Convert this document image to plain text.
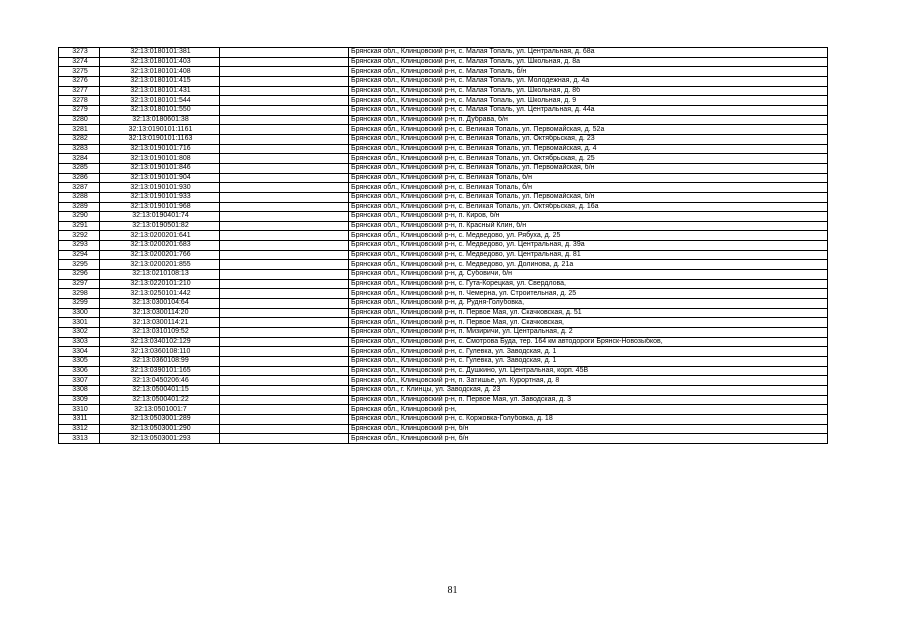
3273	32:13:0180101:381		Брянская обл., Клинцовский р-н, с. Малая Топаль, ул. Центральная, д. 68а
3274	32:13:0180101:403		Брянская обл., Клинцовский р-н, с. Малая Топаль, ул. Школьная, д. 8а
3275	32:13:0180101:408		Брянская обл., Клинцовский р-н, с. Малая Топаль, б/н
3276	32:13:0180101:415		Брянская обл., Клинцовский р-н, с. Малая Топаль, ул. Молодежная, д. 4а
3277	32:13:0180101:431		Брянская обл., Клинцовский р-н, с. Малая Топаль, ул. Школьная, д. 8б
3278	32:13:0180101:544		Брянская обл., Клинцовский р-н, с. Малая Топаль, ул. Школьная, д. 9
3279	32:13:0180101:550		Брянская обл., Клинцовский р-н, с. Малая Топаль, ул. Центральная, д. 44а
3280	32:13:0180601:38		Брянская обл., Клинцовский р-н, п. Дубрава, б/н
3281	32:13:0190101:1161		Брянская обл., Клинцовский р-н, с. Великая Топаль, ул. Первомайская, д. 52а
3282	32:13:0190101:1163		Брянская обл., Клинцовский р-н, с. Великая Топаль, ул. Октябрьская, д. 23
3283	32:13:0190101:716		Брянская обл., Клинцовский р-н, с. Великая Топаль, ул. Первомайская, д. 4
3284	32:13:0190101:808		Брянская обл., Клинцовский р-н, с. Великая Топаль, ул. Октябрьская, д. 25
3285	32:13:0190101:846		Брянская обл., Клинцовский р-н, с. Великая Топаль, ул. Первомайская, б/н
3286	32:13:0190101:904		Брянская обл., Клинцовский р-н, с. Великая Топаль, б/н
3287	32:13:0190101:930		Брянская обл., Клинцовский р-н, с. Великая Топаль, б/н
3288	32:13:0190101:933		Брянская обл., Клинцовский р-н, с. Великая Топаль, ул. Первомайская, б/н
3289	32:13:0190101:968		Брянская обл., Клинцовский р-н, с. Великая Топаль, ул. Октябрьская, д. 16а
3290	32:13:0190401:74		Брянская обл., Клинцовский р-н, п. Киров, б/н
3291	32:13:0190501:82		Брянская обл., Клинцовский р-н, п. Красный Клин, б/н
3292	32:13:0200201:641		Брянская обл., Клинцовский р-н, с. Медведово, ул. Рябуха, д. 25
3293	32:13:0200201:683		Брянская обл., Клинцовский р-н, с. Медведово, ул. Центральная, д. 39а
3294	32:13:0200201:766		Брянская обл., Клинцовский р-н, с. Медведово, ул. Центральная, д. 81
3295	32:13:0200201:855		Брянская обл., Клинцовский р-н, с. Медведово, ул. Долинова, д. 21а
3296	32:13:0210108:13		Брянская обл., Клинцовский р-н, д. Субовичи, б/н
3297	32:13:0220101:210		Брянская обл., Клинцовский р-н, с. Гута-Корецкая, ул. Свердлова,
3298	32:13:0250101:442		Брянская обл., Клинцовский р-н, п. Чемерна, ул. Строительная, д. 25
3299	32:13:0300104:64		Брянская обл., Клинцовский р-н, д. Рудня-Голубовка,
3300	32:13:0300114:20		Брянская обл., Клинцовский р-н, п. Первое Мая, ул. Скачковская, д. 51
3301	32:13:0300114:21		Брянская обл., Клинцовский р-н, п. Первое Мая, ул. Скачковская,
3302	32:13:0310109:52		Брянская обл., Клинцовский р-н, п. Мизиричи, ул. Центральная, д. 2
3303	32:13:0340102:129		Брянская обл., Клинцовский р-н, с. Смотрова Буда, тер. 164 км автодороги Брянск-Новозыбков,
3304	32:13:0360108:110		Брянская обл., Клинцовский р-н, с. Гулевка, ул. Заводская, д. 1
3305	32:13:0360108:99		Брянская обл., Клинцовский р-н, с. Гулевка, ул. Заводская, д. 1
3306	32:13:0390101:165		Брянская обл., Клинцовский р-н, с. Душкино, ул. Центральная, корп. 45В
3307	32:13:0450206:46		Брянская обл., Клинцовский р-н, п. Затишье, ул. Курортная, д. 8
3308	32:13:0500401:15		Брянская обл., г. Клинцы, ул. Заводская, д. 23
3309	32:13:0500401:22		Брянская обл., Клинцовский р-н, п. Первое Мая, ул. Заводская, д. 3
3310	32:13:0501001:7		Брянская обл., Клинцовский р-н,
3311	32:13:0503001:289		Брянская обл., Клинцовский р-н, с. Коржовка-Голубовка, д. 18
3312	32:13:0503001:290		Брянская обл., Клинцовский р-н, б/н
3313	32:13:0503001:293		Брянская обл., Клинцовский р-н, б/н
81
